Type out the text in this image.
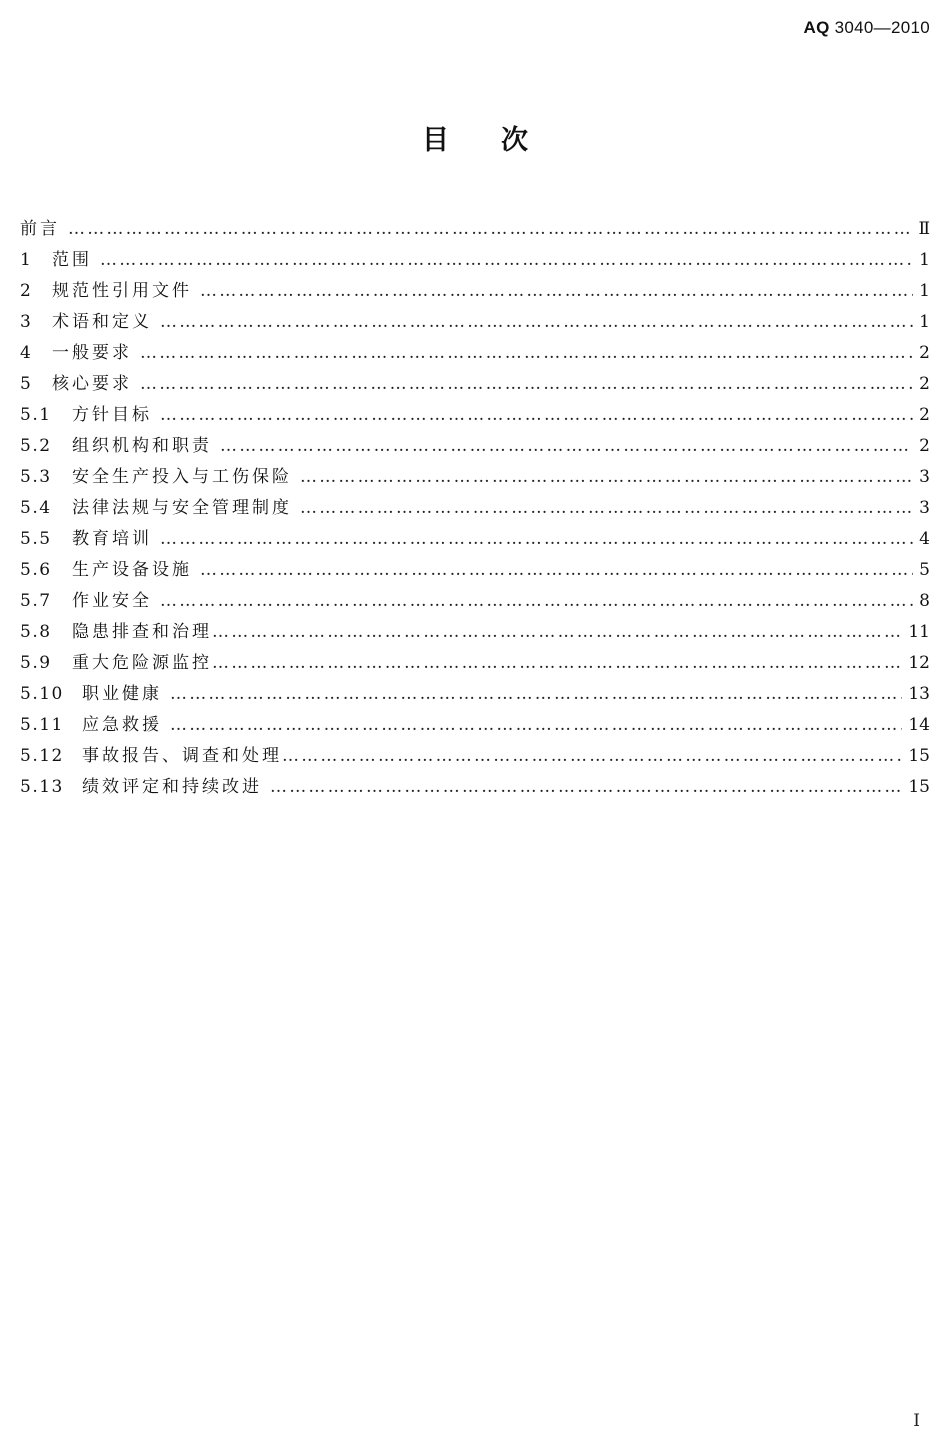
AQ 3040—2010
目 次
前言 …………………………………………………………………………………………………………………………………………………	Ⅱ
1	范围 …………………………………………………………………………………………………………………………………………………	1
2	规范性引用文件 …………………………………………………………………………………………………………………………………………………	1
3	术语和定义 …………………………………………………………………………………………………………………………………………………	1
4	一般要求 …………………………………………………………………………………………………………………………………………………	2
5	核心要求 …………………………………………………………………………………………………………………………………………………	2
5.1	方针目标 …………………………………………………………………………………………………………………………………………………	2
5.2	组织机构和职责 …………………………………………………………………………………………………………………………………………………	2
5.3	安全生产投入与工伤保险 …………………………………………………………………………………………………………………………………………………	3
5.4	法律法规与安全管理制度 …………………………………………………………………………………………………………………………………………………	3
5.5	教育培训 …………………………………………………………………………………………………………………………………………………	4
5.6	生产设备设施 …………………………………………………………………………………………………………………………………………………	5
5.7	作业安全 …………………………………………………………………………………………………………………………………………………	8
5.8	隐患排查和治理 …………………………………………………………………………………………………………………………………………………	11
5.9	重大危险源监控 …………………………………………………………………………………………………………………………………………………	12
5.10	职业健康 …………………………………………………………………………………………………………………………………………………	13
5.11	应急救援 …………………………………………………………………………………………………………………………………………………	14
5.12	事故报告、调查和处理 …………………………………………………………………………………………………………………………………………………	15
5.13	绩效评定和持续改进 …………………………………………………………………………………………………………………………………………………	15
Ⅰ
